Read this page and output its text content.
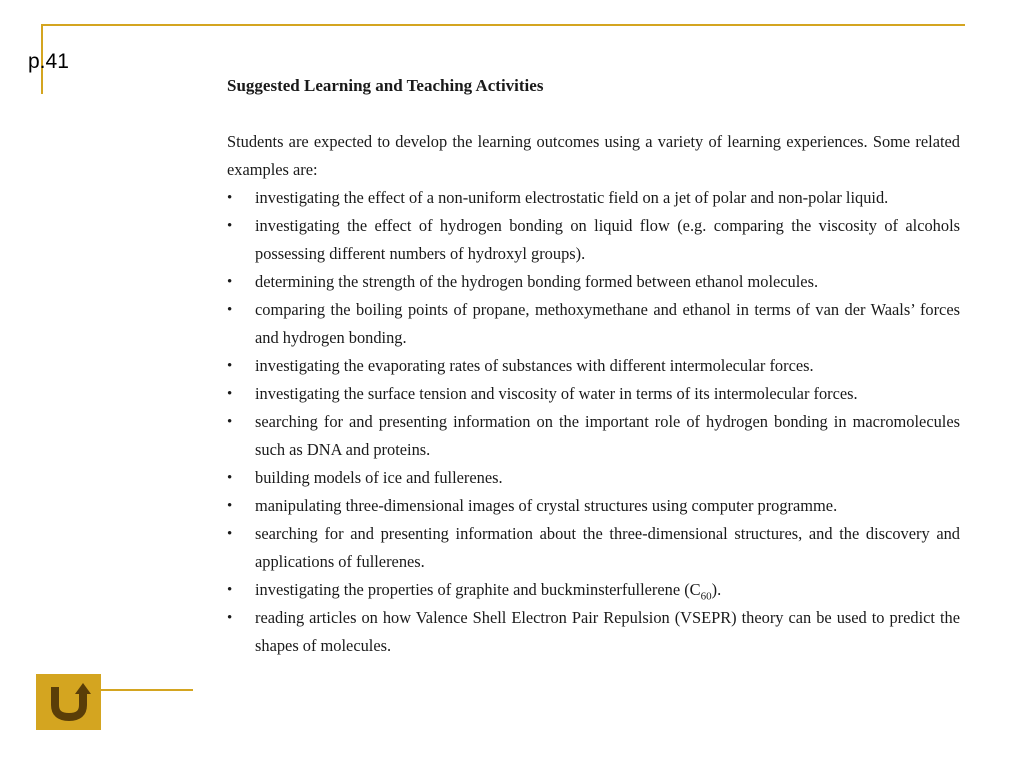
p.41
Suggested Learning and Teaching Activities

Students are expected to develop the learning outcomes using a variety of learning experiences. Some related examples are:

• investigating the effect of a non-uniform electrostatic field on a jet of polar and non-polar liquid.
• investigating the effect of hydrogen bonding on liquid flow (e.g. comparing the viscosity of alcohols possessing different numbers of hydroxyl groups).
• determining the strength of the hydrogen bonding formed between ethanol molecules.
• comparing the boiling points of propane, methoxymethane and ethanol in terms of van der Waals’ forces and hydrogen bonding.
• investigating the evaporating rates of substances with different intermolecular forces.
• investigating the surface tension and viscosity of water in terms of its intermolecular forces.
• searching for and presenting information on the important role of hydrogen bonding in macromolecules such as DNA and proteins.
• building models of ice and fullerenes.
• manipulating three-dimensional images of crystal structures using computer programme.
• searching for and presenting information about the three-dimensional structures, and the discovery and applications of fullerenes.
• investigating the properties of graphite and buckminsterfullerene $(C_{60})$.
• reading articles on how Valence Shell Electron Pair Repulsion (VSEPR) theory can be used to predict the shapes of molecules.
